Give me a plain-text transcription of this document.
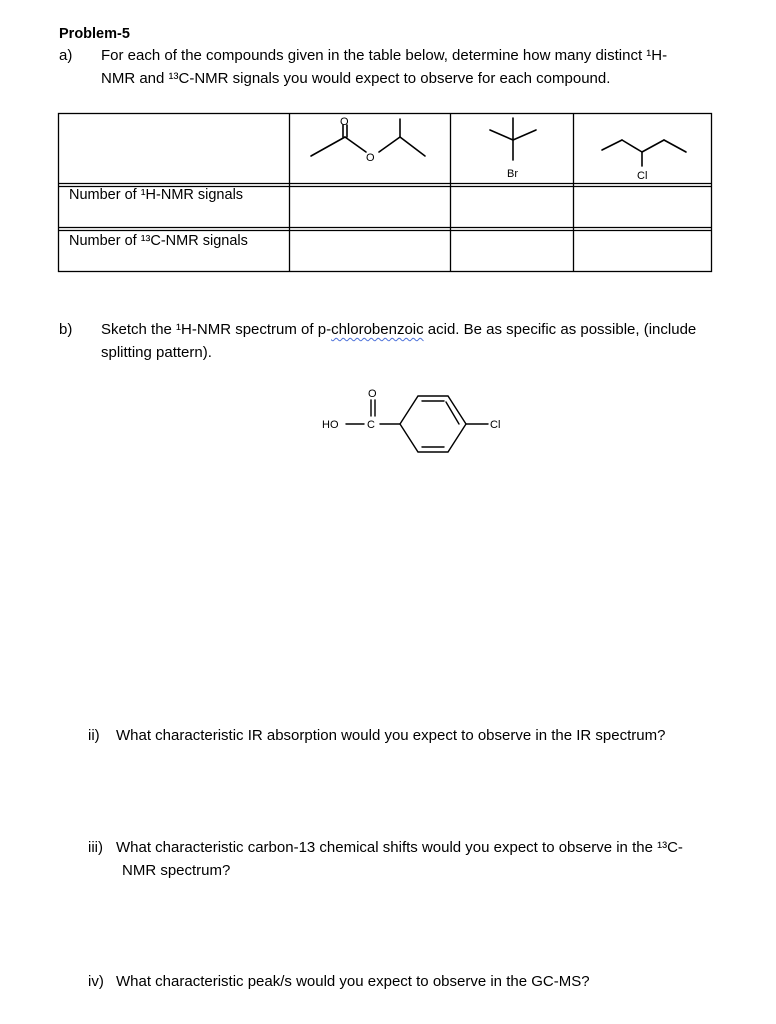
Problem-5
a) For each of the compounds given in the table below, determine how many distinct ¹H-
NMR and ¹³C-NMR signals you would expect to observe for each compound.
Number of ¹H-NMR signals
Number of ¹³C-NMR signals
O
O
Br	Cl
b) Sketch the ¹H-NMR spectrum of p-chlorobenzoic acid. Be as specific as possible, (include
splitting pattern).
O
HO	C	Cl
ii) What characteristic IR absorption would you expect to observe in the IR spectrum?
iii) What characteristic carbon-13 chemical shifts would you expect to observe in the ¹³C-
NMR spectrum?
iv) What characteristic peak/s would you expect to observe in the GC-MS?
